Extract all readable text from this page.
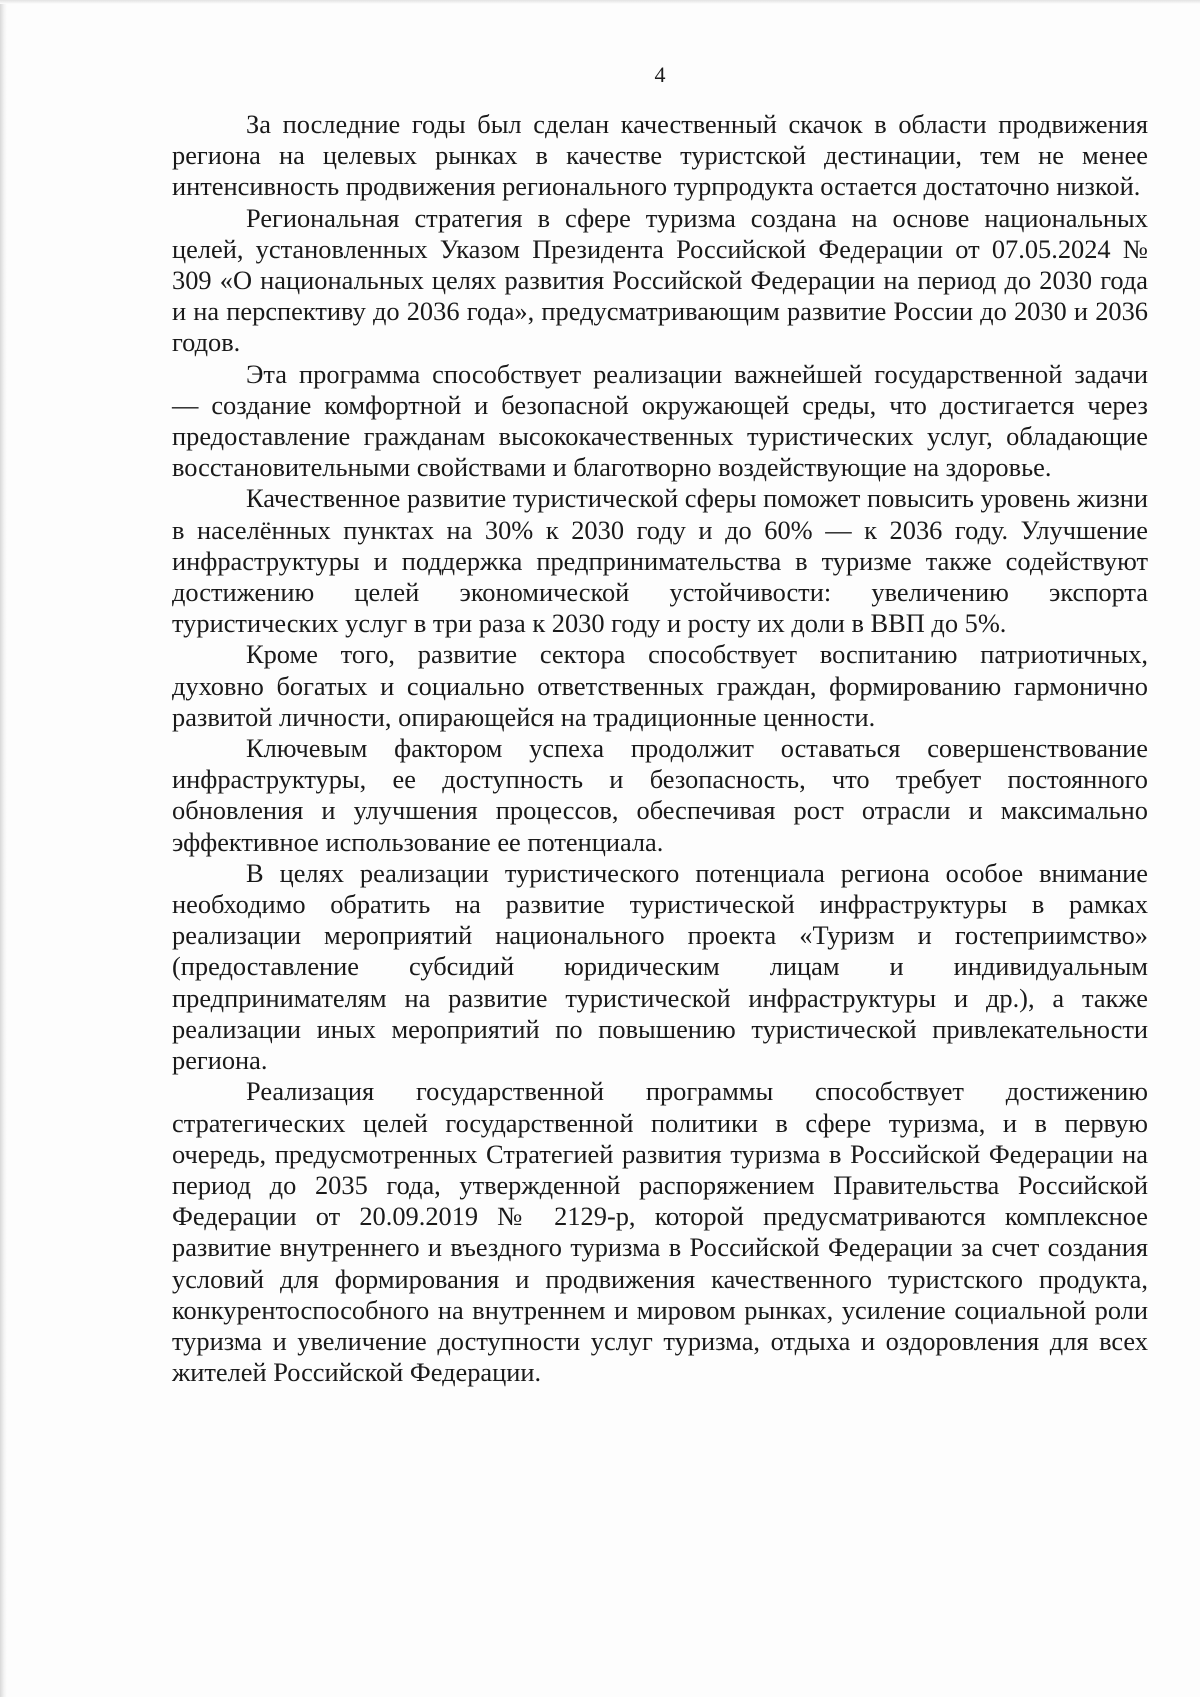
4

За последние годы был сделан качественный скачок в области продвижения региона на целевых рынках в качестве туристской дестинации, тем не менее интенсивность продвижения регионального турпродукта остается достаточно низкой.

Региональная стратегия в сфере туризма создана на основе национальных целей, установленных Указом Президента Российской Федерации от 07.05.2024 № 309 «О национальных целях развития Российской Федерации на период до 2030 года и на перспективу до 2036 года», предусматривающим развитие России до 2030 и 2036 годов.

Эта программа способствует реализации важнейшей государственной задачи — создание комфортной и безопасной окружающей среды, что достигается через предоставление гражданам высококачественных туристических услуг, обладающие восстановительными свойствами и благотворно воздействующие на здоровье.

Качественное развитие туристической сферы поможет повысить уровень жизни в населённых пунктах на 30% к 2030 году и до 60% — к 2036 году. Улучшение инфраструктуры и поддержка предпринимательства в туризме также содействуют достижению целей экономической устойчивости: увеличению экспорта туристических услуг в три раза к 2030 году и росту их доли в ВВП до 5%.

Кроме того, развитие сектора способствует воспитанию патриотичных, духовно богатых и социально ответственных граждан, формированию гармонично развитой личности, опирающейся на традиционные ценности.

Ключевым фактором успеха продолжит оставаться совершенствование инфраструктуры, ее доступность и безопасность, что требует постоянного обновления и улучшения процессов, обеспечивая рост отрасли и максимально эффективное использование ее потенциала.

В целях реализации туристического потенциала региона особое внимание необходимо обратить на развитие туристической инфраструктуры в рамках реализации мероприятий национального проекта «Туризм и гостеприимство» (предоставление субсидий юридическим лицам и индивидуальным предпринимателям на развитие туристической инфраструктуры и др.), а также реализации иных мероприятий по повышению туристической привлекательности региона.

Реализация государственной программы способствует достижению стратегических целей государственной политики в сфере туризма, и в первую очередь, предусмотренных Стратегией развития туризма в Российской Федерации на период до 2035 года, утвержденной распоряжением Правительства Российской Федерации от 20.09.2019 № 2129-р, которой предусматриваются комплексное развитие внутреннего и въездного туризма в Российской Федерации за счет создания условий для формирования и продвижения качественного туристского продукта, конкурентоспособного на внутреннем и мировом рынках, усиление социальной роли туризма и увеличение доступности услуг туризма, отдыха и оздоровления для всех жителей Российской Федерации.
